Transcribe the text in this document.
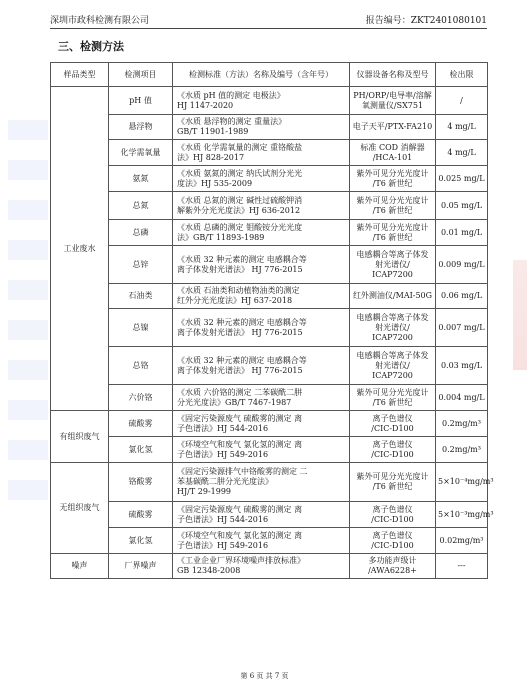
深圳市政科检测有限公司	报告编号：ZKT2401080101
三、检测方法
样品类型	检测项目	检测标准（方法）名称及编号（含年号）	仪器设备名称及型号	检出限
工业废水	pH 值	《水质 pH 值的测定 电极法》
HJ 1147-2020	PH/ORP/电导率/溶解
氧测量仪/SX751	/
	悬浮物	《水质 悬浮物的测定 重量法》
GB/T 11901-1989	电子天平/PTX-FA210	4 mg/L
	化学需氧量	《水质 化学需氧量的测定 重铬酸盐
法》HJ 828-2017	标准 COD 消解器
/HCA-101	4 mg/L
	氨氮	《水质 氨氮的测定 纳氏试剂分光光
度法》HJ 535-2009	紫外可见分光光度计
/T6 新世纪	0.025 mg/L
	总氮	《水质 总氮的测定 碱性过硫酸钾消
解紫外分光光度法》HJ 636-2012	紫外可见分光光度计
/T6 新世纪	0.05 mg/L
	总磷	《水质 总磷的测定 钼酸铵分光光度
法》GB/T 11893-1989	紫外可见分光光度计
/T6 新世纪	0.01 mg/L
	总锌	《水质 32 种元素的测定 电感耦合等
离子体发射光谱法》 HJ 776-2015	电感耦合等离子体发
射光谱仪/
ICAP7200	0.009 mg/L
	石油类	《水质 石油类和动植物油类的测定
红外分光光度法》HJ 637-2018	红外测油仪/MAI-50G	0.06 mg/L
	总镍	《水质 32 种元素的测定 电感耦合等
离子体发射光谱法》 HJ 776-2015	电感耦合等离子体发
射光谱仪/
ICAP7200	0.007 mg/L
	总铬	《水质 32 种元素的测定 电感耦合等
离子体发射光谱法》 HJ 776-2015	电感耦合等离子体发
射光谱仪/
ICAP7200	0.03 mg/L
	六价铬	《水质 六价铬的测定 二苯碳酰二肼
分光光度法》GB/T 7467-1987	紫外可见分光光度计
/T6 新世纪	0.004 mg/L
有组织废气	硫酸雾	《固定污染源废气 硫酸雾的测定 离
子色谱法》HJ 544-2016	离子色谱仪
/CIC-D100	0.2mg/m³
	氯化氢	《环境空气和废气 氯化氢的测定 离
子色谱法》HJ 549-2016	离子色谱仪
/CIC-D100	0.2mg/m³
无组织废气	铬酸雾	《固定污染源排气中铬酸雾的测定 二
苯基碳酰二肼分光光度法》
HJ/T 29-1999	紫外可见分光光度计
/T6 新世纪	5×10⁻⁴mg/m³
	硫酸雾	《固定污染源废气 硫酸雾的测定 离
子色谱法》HJ 544-2016	离子色谱仪
/CIC-D100	5×10⁻³mg/m³
	氯化氢	《环境空气和废气 氯化氢的测定 离
子色谱法》HJ 549-2016	离子色谱仪
/CIC-D100	0.02mg/m³
噪声	厂界噪声	《工业企业厂界环境噪声排放标准》
GB 12348-2008	多功能声级计
/AWA6228+	---
第 6 页 共 7 页
